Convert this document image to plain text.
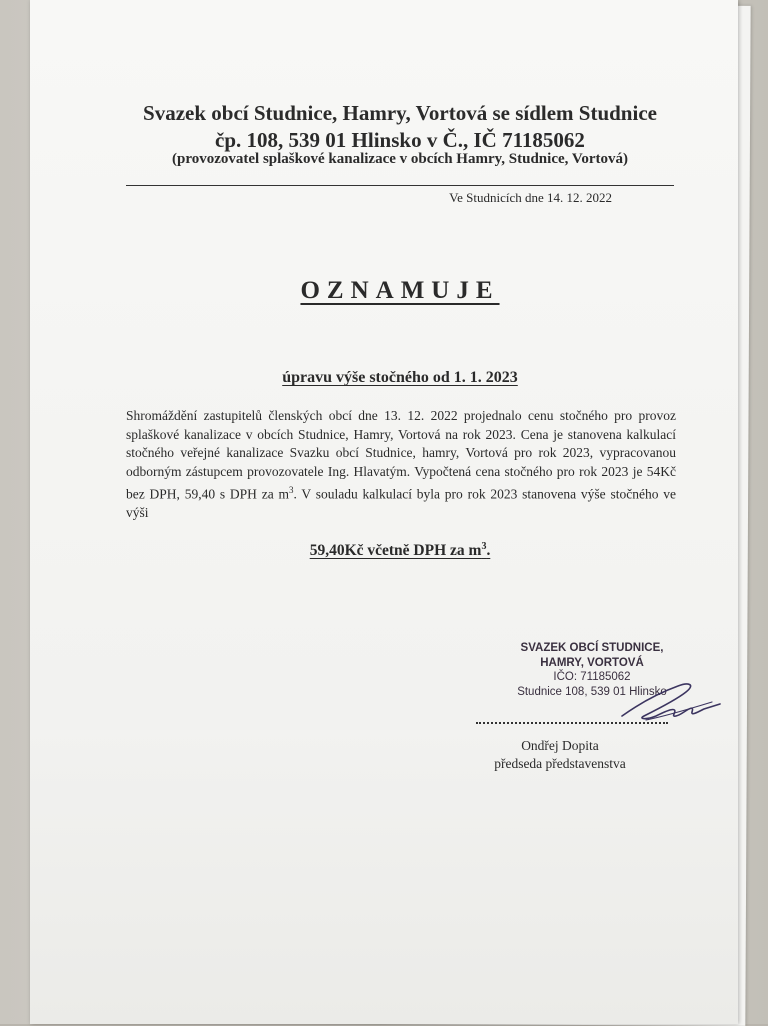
Svazek obcí Studnice, Hamry, Vortová se sídlem Studnice
čp. 108, 539 01 Hlinsko v Č., IČ 71185062
(provozovatel splaškové kanalizace v obcích Hamry, Studnice, Vortová)
Ve Studnicích dne 14. 12. 2022
OZNAMUJE
úpravu výše stočného od 1. 1. 2023
Shromáždění zastupitelů členských obcí dne 13. 12. 2022 projednalo cenu stočného pro provoz splaškové kanalizace v obcích Studnice, Hamry, Vortová na rok 2023. Cena je stanovena kalkulací stočného veřejné kanalizace Svazku obcí Studnice, hamry, Vortová pro rok 2023, vypracovanou odborným zástupcem provozovatele Ing. Hlavatým. Vypočtená cena stočného pro rok 2023 je 54Kč bez DPH, 59,40 s DPH za $m^3$. V souladu kalkulací byla pro rok 2023 stanovena výše stočného ve výši
59,40Kč včetně DPH za $m^3$.
SVAZEK OBCÍ STUDNICE,
HAMRY, VORTOVÁ
IČO: 71185062
Studnice 108, 539 01 Hlinsko
Ondřej Dopita
předseda představenstva
